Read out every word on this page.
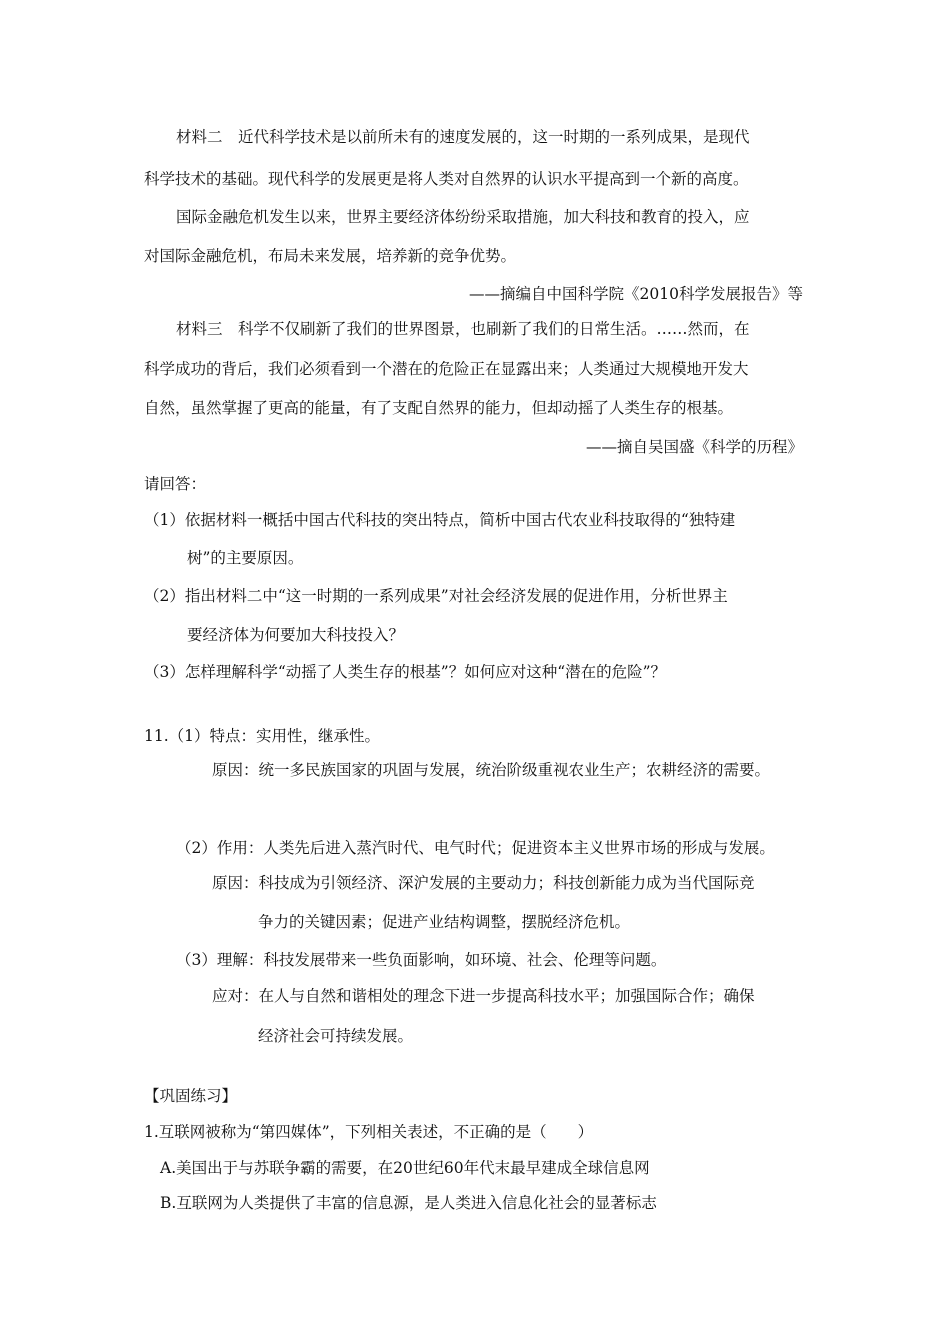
材料二　近代科学技术是以前所未有的速度发展的，这一时期的一系列成果，是现代
科学技术的基础。现代科学的发展更是将人类对自然界的认识水平提高到一个新的高度。
国际金融危机发生以来，世界主要经济体纷纷采取措施，加大科技和教育的投入，应
对国际金融危机，布局未来发展，培养新的竞争优势。
——摘编自中国科学院《2010科学发展报告》等
材料三　科学不仅刷新了我们的世界图景，也刷新了我们的日常生活。……然而，在
科学成功的背后，我们必须看到一个潜在的危险正在显露出来；人类通过大规模地开发大
自然，虽然掌握了更高的能量，有了支配自然界的能力，但却动摇了人类生存的根基。
——摘自吴国盛《科学的历程》
请回答：
（1）依据材料一概括中国古代科技的突出特点，简析中国古代农业科技取得的“独特建
树”的主要原因。
（2）指出材料二中“这一时期的一系列成果”对社会经济发展的促进作用，分析世界主
要经济体为何要加大科技投入？
（3）怎样理解科学“动摇了人类生存的根基”？如何应对这种“潜在的危险”？
11.（1）特点：实用性，继承性。
原因：统一多民族国家的巩固与发展，统治阶级重视农业生产；农耕经济的需要。
（2）作用：人类先后进入蒸汽时代、电气时代；促进资本主义世界市场的形成与发展。
原因：科技成为引领经济、深沪发展的主要动力；科技创新能力成为当代国际竞
争力的关键因素；促进产业结构调整，摆脱经济危机。
（3）理解：科技发展带来一些负面影响，如环境、社会、伦理等问题。
应对：在人与自然和谐相处的理念下进一步提高科技水平；加强国际合作；确保
经济社会可持续发展。
【巩固练习】
1.互联网被称为“第四媒体”，下列相关表述，不正确的是（　　）
A.美国出于与苏联争霸的需要，在20世纪60年代末最早建成全球信息网
B.互联网为人类提供了丰富的信息源，是人类进入信息化社会的显著标志
